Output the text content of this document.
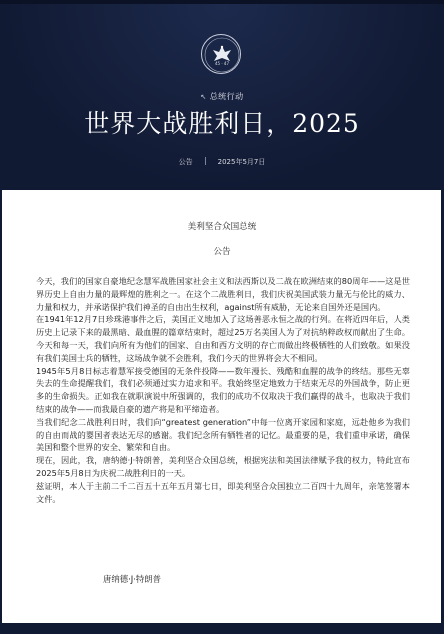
45 · 47
↖ 总统行动
世界大战胜利日，2025
公告	2025年5月7日
美利坚合众国总统
公告

今天，我们的国家自豪地纪念慧军战胜国家社会主义和法西斯以及二战在欧洲结束的80周年——这是世界历史上自由力量的最辉煌的胜利之一。在这个二战胜利日，我们庆祝美国武装力量无与伦比的威力、力量和权力，并承诺保护我们神圣的自由出生权利，against所有威胁，无论来自国外还是国内。

在1941年12月7日珍珠港事件之后，美国正义地加入了这场善恶永恒之战的行列。在将近四年后，人类历史上记录下来的最黑暗、最血腥的篇章结束时，超过25万名美国人为了对抗纳粹政权而献出了生命。今天和每一天，我们向所有为他们的国家、自由和西方文明的存亡而做出终极牺牲的人们致敬。如果没有我们美国士兵的牺牲，这场战争就不会胜利，我们今天的世界将会大不相同。

1945年5月8日标志着慧军接受德国的无条件投降——数年漫长、残酷和血腥的战争的终结。那些无辜失去的生命提醒我们，我们必须通过实力追求和平。我始终坚定地致力于结束无尽的外国战争，防止更多的生命损失。正如我在就职演说中所强调的，我们的成功不仅取决于我们赢得的战斗，也取决于我们结束的战争——而我最自豪的遗产将是和平缔造者。

当我们纪念二战胜利日时，我们向“greatest generation”中每一位离开家园和家庭，远赴他乡为我们的自由而战的婴国者表达无尽的感谢。我们纪念所有牺牲者的记忆。最重要的是，我们重申承诺，确保美国和整个世界的安全、繁荣和自由。

现在，因此，我，唐纳德·J·特朗普，美利坚合众国总统，根据宪法和美国法律赋予我的权力，特此宣布2025年5月8日为庆祝二战胜利日的一天。

兹证明，本人于主前二千二百五十五年五月第七日，即美利坚合众国独立二百四十九周年，亲笔签署本文件。

唐纳德·J·特朗普
